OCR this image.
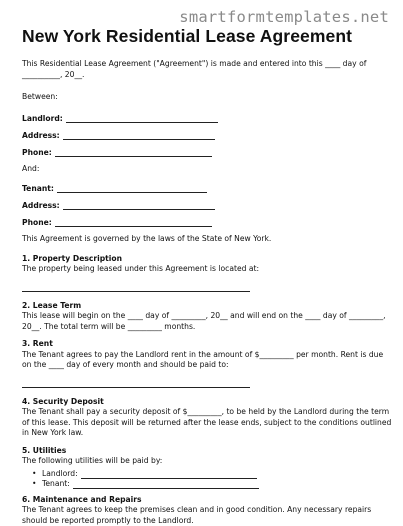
smartformtemplates.net
New York Residential Lease Agreement

This Residential Lease Agreement ("Agreement") is made and entered into this ____ day of __________, 20__.

Between:

Landlord:
Address:
Phone:

And:

Tenant:
Address:
Phone:

This Agreement is governed by the laws of the State of New York.

1. Property Description

The property being leased under this Agreement is located at:

2. Lease Term

This lease will begin on the ____ day of _________, 20__ and will end on the ____ day of _________, 20__. The total term will be _________ months.

3. Rent

The Tenant agrees to pay the Landlord rent in the amount of $_________ per month. Rent is due on the ____ day of every month and should be paid to:

4. Security Deposit

The Tenant shall pay a security deposit of $_________, to be held by the Landlord during the term of this lease. This deposit will be returned after the lease ends, subject to the conditions outlined in New York law.

5. Utilities

The following utilities will be paid by:

• Landlord:
• Tenant:

6. Maintenance and Repairs

The Tenant agrees to keep the premises clean and in good condition. Any necessary repairs should be reported promptly to the Landlord.
